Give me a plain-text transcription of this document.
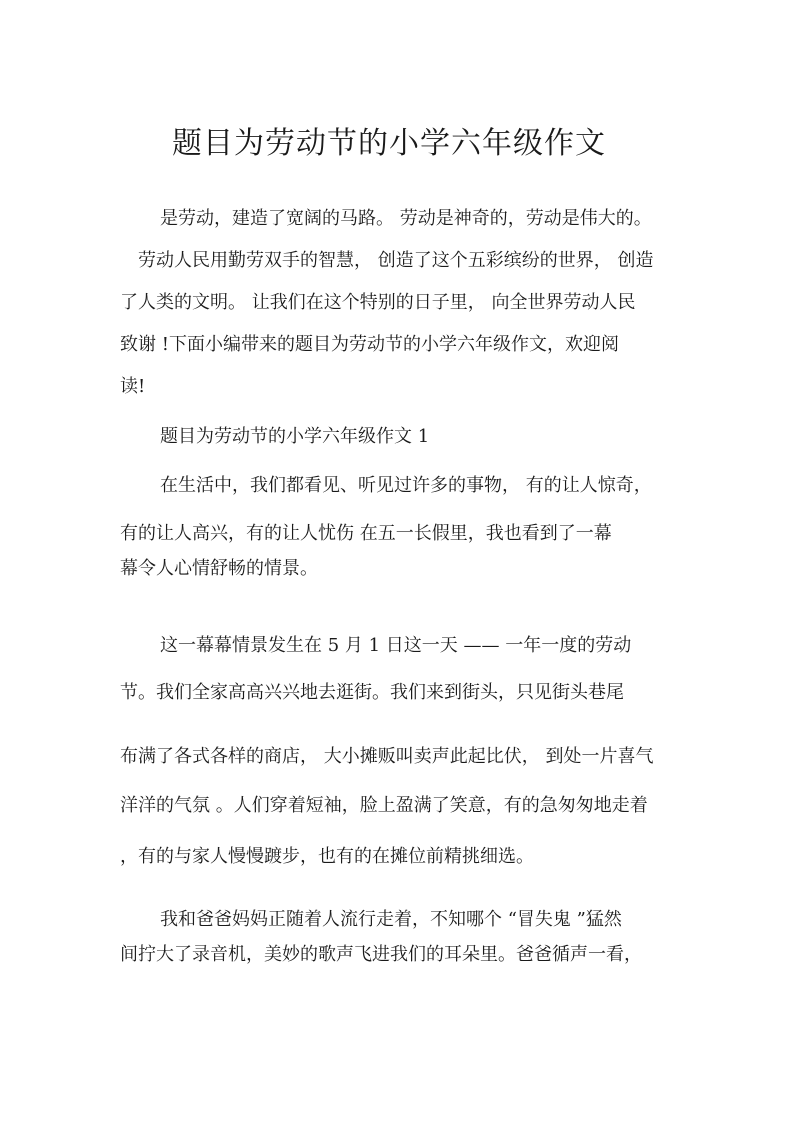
题目为劳动节的小学六年级作文
是劳动，建造了宽阔的马路。 劳动是神奇的，劳动是伟大的。
劳动人民用勤劳双手的智慧， 创造了这个五彩缤纷的世界， 创造
了人类的文明。 让我们在这个特别的日子里， 向全世界劳动人民
致谢 !下面小编带来的题目为劳动节的小学六年级作文，欢迎阅
读!
题目为劳动节的小学六年级作文 1
在生活中，我们都看见、听见过许多的事物， 有的让人惊奇，
有的让人高兴，有的让人忧伤 在五一长假里，我也看到了一幕
幕令人心情舒畅的情景。
这一幕幕情景发生在 5 月 1 日这一天 —— 一年一度的劳动
节。我们全家高高兴兴地去逛街。我们来到街头，只见街头巷尾
布满了各式各样的商店， 大小摊贩叫卖声此起比伏， 到处一片喜气
洋洋的气氛 。人们穿着短袖，脸上盈满了笑意，有的急匆匆地走着
，有的与家人慢慢踱步，也有的在摊位前精挑细选。
我和爸爸妈妈正随着人流行走着，不知哪个 “冒失鬼 ”猛然
间拧大了录音机，美妙的歌声飞进我们的耳朵里。爸爸循声一看，
